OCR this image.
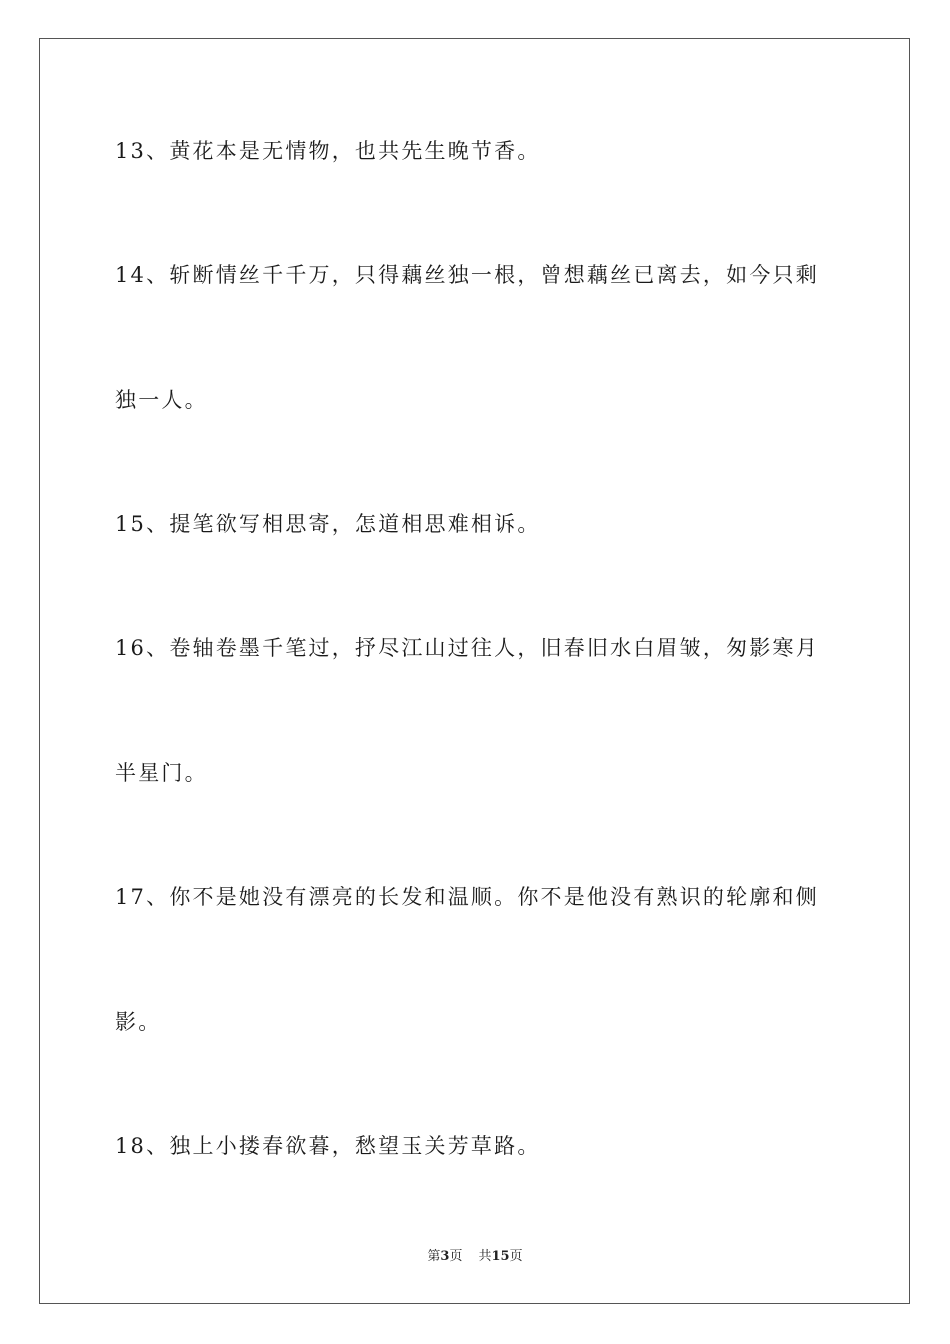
13、黄花本是无情物，也共先生晚节香。
14、斩断情丝千千万，只得藕丝独一根，曾想藕丝已离去，如今只剩
独一人。
15、提笔欲写相思寄，怎道相思难相诉。
16、卷轴卷墨千笔过，抒尽江山过往人，旧春旧水白眉皱，匆影寒月
半星门。
17、你不是她没有漂亮的长发和温顺。你不是他没有熟识的轮廓和侧
影。
18、独上小搂春欲暮，愁望玉关芳草路。
第3页 共15页
